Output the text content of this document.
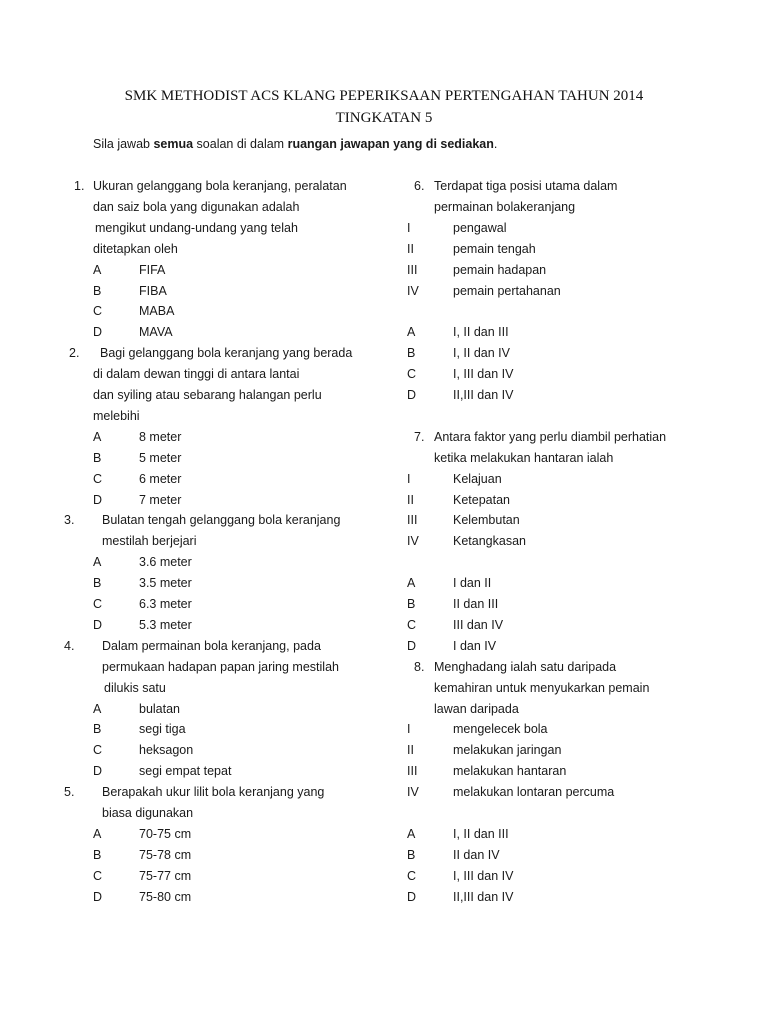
SMK METHODIST ACS KLANG PEPERIKSAAN PERTENGAHAN TAHUN 2014
TINGKATAN 5
Sila jawab semua soalan di dalam ruangan jawapan yang di sediakan.
1. Ukuran gelanggang bola keranjang, peralatan
dan saiz bola yang digunakan adalah
mengikut undang-undang yang telah
ditetapkan oleh
A	FIFA
B	FIBA
C	MABA
D	MAVA
2. Bagi gelanggang bola keranjang yang berada
di dalam dewan tinggi di antara lantai
dan syiling atau sebarang halangan perlu
melebihi
A	8 meter
B	5 meter
C	6 meter
D	7 meter
3. Bulatan tengah gelanggang bola keranjang
mestilah berjejari
A	3.6 meter
B	3.5 meter
C	6.3 meter
D	5.3 meter
4. Dalam permainan bola keranjang, pada
permukaan hadapan papan jaring mestilah
dilukis satu
A	bulatan
B	segi tiga
C	heksagon
D	segi empat tepat
5. Berapakah ukur lilit bola keranjang yang
biasa digunakan
A	70-75 cm
B	75-78 cm
C	75-77 cm
D	75-80 cm
6. Terdapat tiga posisi utama dalam
permainan bolakeranjang
I	pengawal
II	pemain tengah
III	pemain hadapan
IV	pemain pertahanan
A	I, II dan III
B	I, II dan IV
C	I, III dan IV
D	II,III dan IV
7. Antara faktor yang perlu diambil perhatian
ketika melakukan hantaran ialah
I	Kelajuan
II	Ketepatan
III	Kelembutan
IV	Ketangkasan
A	I dan II
B	II dan III
C	III dan IV
D	I dan IV
8. Menghadang ialah satu daripada
kemahiran untuk menyukarkan pemain
lawan daripada
I	mengelecek bola
II	melakukan jaringan
III	melakukan hantaran
IV	melakukan lontaran percuma
A	I, II dan III
B	II dan IV
C	I, III dan IV
D	II,III dan IV
